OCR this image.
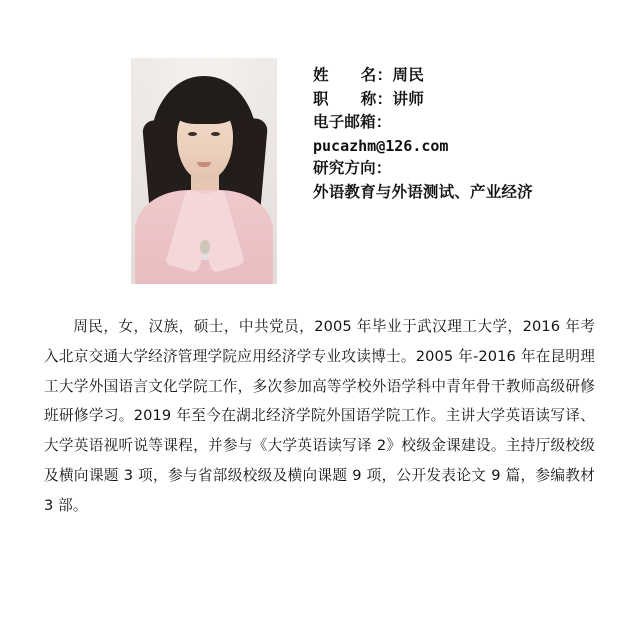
姓　　名：周民
职　　称：讲师
电子邮箱：
pucazhm@126.com
研究方向：
外语教育与外语测试、产业经济
周民，女，汉族，硕士，中共党员，2005 年毕业于武汉理工大学，2016 年考入北京交通大学经济管理学院应用经济学专业攻读博士。2005 年-2016 年在昆明理工大学外国语言文化学院工作，多次参加高等学校外语学科中青年骨干教师高级研修班研修学习。2019 年至今在湖北经济学院外国语学院工作。主讲大学英语读写译、大学英语视听说等课程，并参与《大学英语读写译 2》校级金课建设。主持厅级校级及横向课题 3 项，参与省部级校级及横向课题 9 项，公开发表论文 9 篇，参编教材 3 部。
